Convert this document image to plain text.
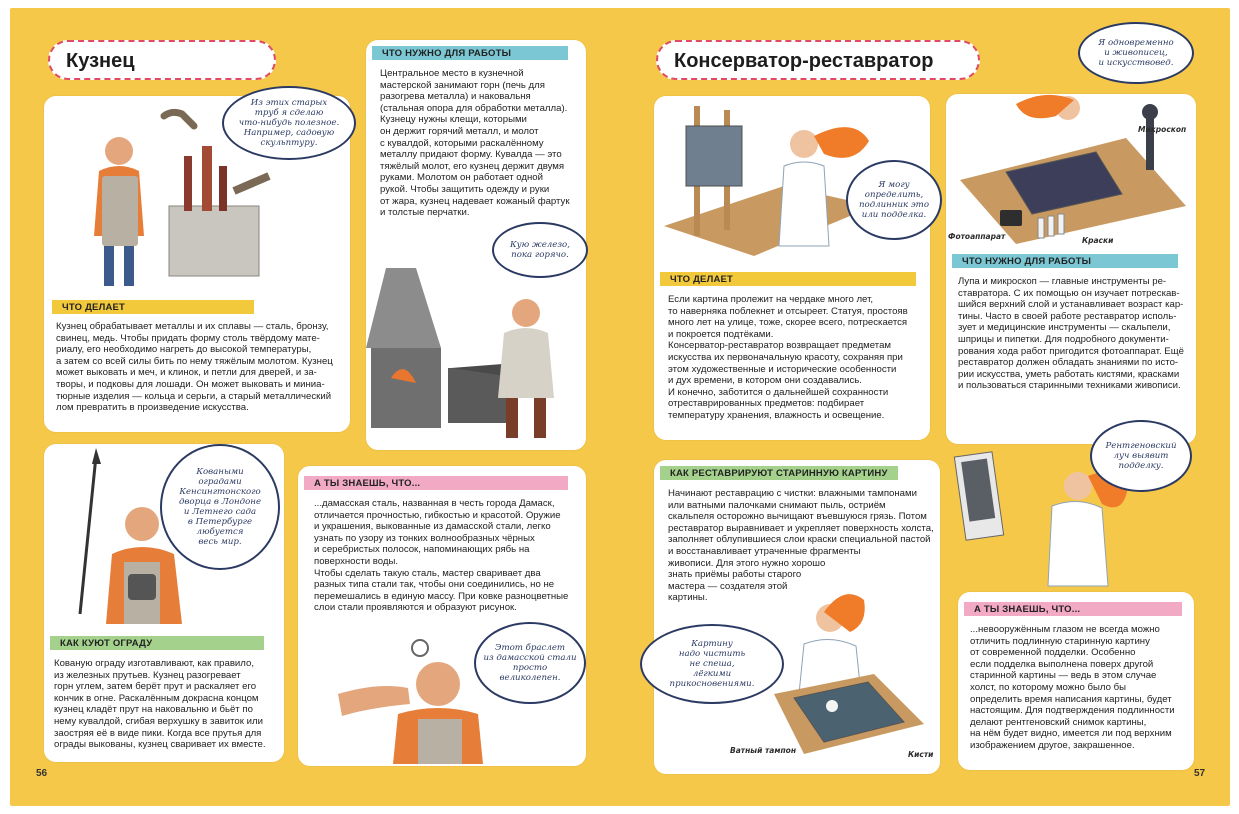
Кузнец
ЧТО ДЕЛАЕТ
Кузнец обрабатывает металлы и их сплавы — сталь, бронзу,
свинец, медь. Чтобы придать форму столь твёрдому мате-
риалу, его необходимо нагреть до высокой температуры,
а затем со всей силы бить по нему тяжёлым молотом. Кузнец
может выковать и меч, и клинок, и петли для дверей, и за-
творы, и подковы для лошади. Он может выковать и миниа-
тюрные изделия — кольца и серьги, а старый металлический
лом превратить в произведение искусства.
Из этих старых
труб я сделаю
что-нибудь полезное.
Например, садовую
скульптуру.
ЧТО НУЖНО ДЛЯ РАБОТЫ
Центральное место в кузнечной
мастерской занимают горн (печь для
разогрева металла) и наковальня
(стальная опора для обработки металла).
Кузнецу нужны клещи, которыми
он держит горячий металл, и молот
с кувалдой, которыми раскалённому
металлу придают форму. Кувалда — это
тяжёлый молот, его кузнец держит двумя
руками. Молотом он работает одной
рукой. Чтобы защитить одежду и руки
от жара, кузнец надевает кожаный фартук
и толстые перчатки.
Кую железо,
пока горячо.
КАК КУЮТ ОГРАДУ
Кованую ограду изготавливают, как правило,
из железных прутьев. Кузнец разогревает
горн углем, затем берёт прут и раскаляет его
кончик в огне. Раскалённым докрасна концом
кузнец кладёт прут на наковальню и бьёт по
нему кувалдой, сгибая верхушку в завиток или
заостряя её в виде пики. Когда все прутья для
ограды выкованы, кузнец сваривает их вместе.
Коваными
оградами
Кенсингтонского
дворца в Лондоне
и Летнего сада
в Петербурге
любуется
весь мир.
А ТЫ ЗНАЕШЬ, ЧТО...
...дамасская сталь, названная в честь города Дамаск,
отличается прочностью, гибкостью и красотой. Оружие
и украшения, выкованные из дамасской стали, легко
узнать по узору из тонких волнообразных чёрных
и серебристых полосок, напоминающих рябь на
поверхности воды.
Чтобы сделать такую сталь, мастер сваривает два
разных типа стали так, чтобы они соединились, но не
перемешались в единую массу. При ковке разноцветные
слои стали проявляются и образуют рисунок.
Этот браслет
из дамасской стали
просто
великолепен.
56
Консерватор-реставратор
ЧТО ДЕЛАЕТ
Если картина пролежит на чердаке много лет,
то наверняка поблекнет и отсыреет. Статуя, простояв
много лет на улице, тоже, скорее всего, потрескается
и покроется подтёками.
Консерватор-реставратор возвращает предметам
искусства их первоначальную красоту, сохраняя при
этом художественные и исторические особенности
и дух времени, в котором они создавались.
И конечно, заботится о дальнейшей сохранности
отреставрированных предметов: подбирает
температуру хранения, влажность и освещение.
Я могу
определить,
подлинник это
или подделка.
Микроскоп
Фотоаппарат	Краски
ЧТО НУЖНО ДЛЯ РАБОТЫ
Лупа и микроскоп — главные инструменты ре-
ставратора. С их помощью он изучает потрескав-
шийся верхний слой и устанавливает возраст кар-
тины. Часто в своей работе реставратор исполь-
зует и медицинские инструменты — скальпели,
шприцы и пипетки. Для подробного документи-
рования хода работ пригодится фотоаппарат. Ещё
реставратор должен обладать знаниями по исто-
рии искусства, уметь работать кистями, красками
и пользоваться старинными техниками живописи.
Я одновременно
и живописец,
и искусствовед.
КАК РЕСТАВРИРУЮТ СТАРИННУЮ КАРТИНУ
Начинают реставрацию с чистки: влажными тампонами
или ватными палочками снимают пыль, остриём
скальпеля осторожно вычищают въевшуюся грязь. Потом
реставратор выравнивает и укрепляет поверхность холста,
заполняет облупившиеся слои краски специальной пастой
и восстанавливает утраченные фрагменты
живописи. Для этого нужно хорошо
знать приёмы работы старого
мастера — создателя этой
картины.
Ватный тампон	Кисти
Картину
надо чистить
не спеша,
лёгкими
прикосновениями.
А ТЫ ЗНАЕШЬ, ЧТО...
...невооружённым глазом не всегда можно
отличить подлинную старинную картину
от современной подделки. Особенно
если подделка выполнена поверх другой
старинной картины — ведь в этом случае
холст, по которому можно было бы
определить время написания картины, будет
настоящим. Для подтверждения подлинности
делают рентгеновский снимок картины,
на нём будет видно, имеется ли под верхним
изображением другое, закрашенное.
Рентгеновский
луч выявит
подделку.
57
